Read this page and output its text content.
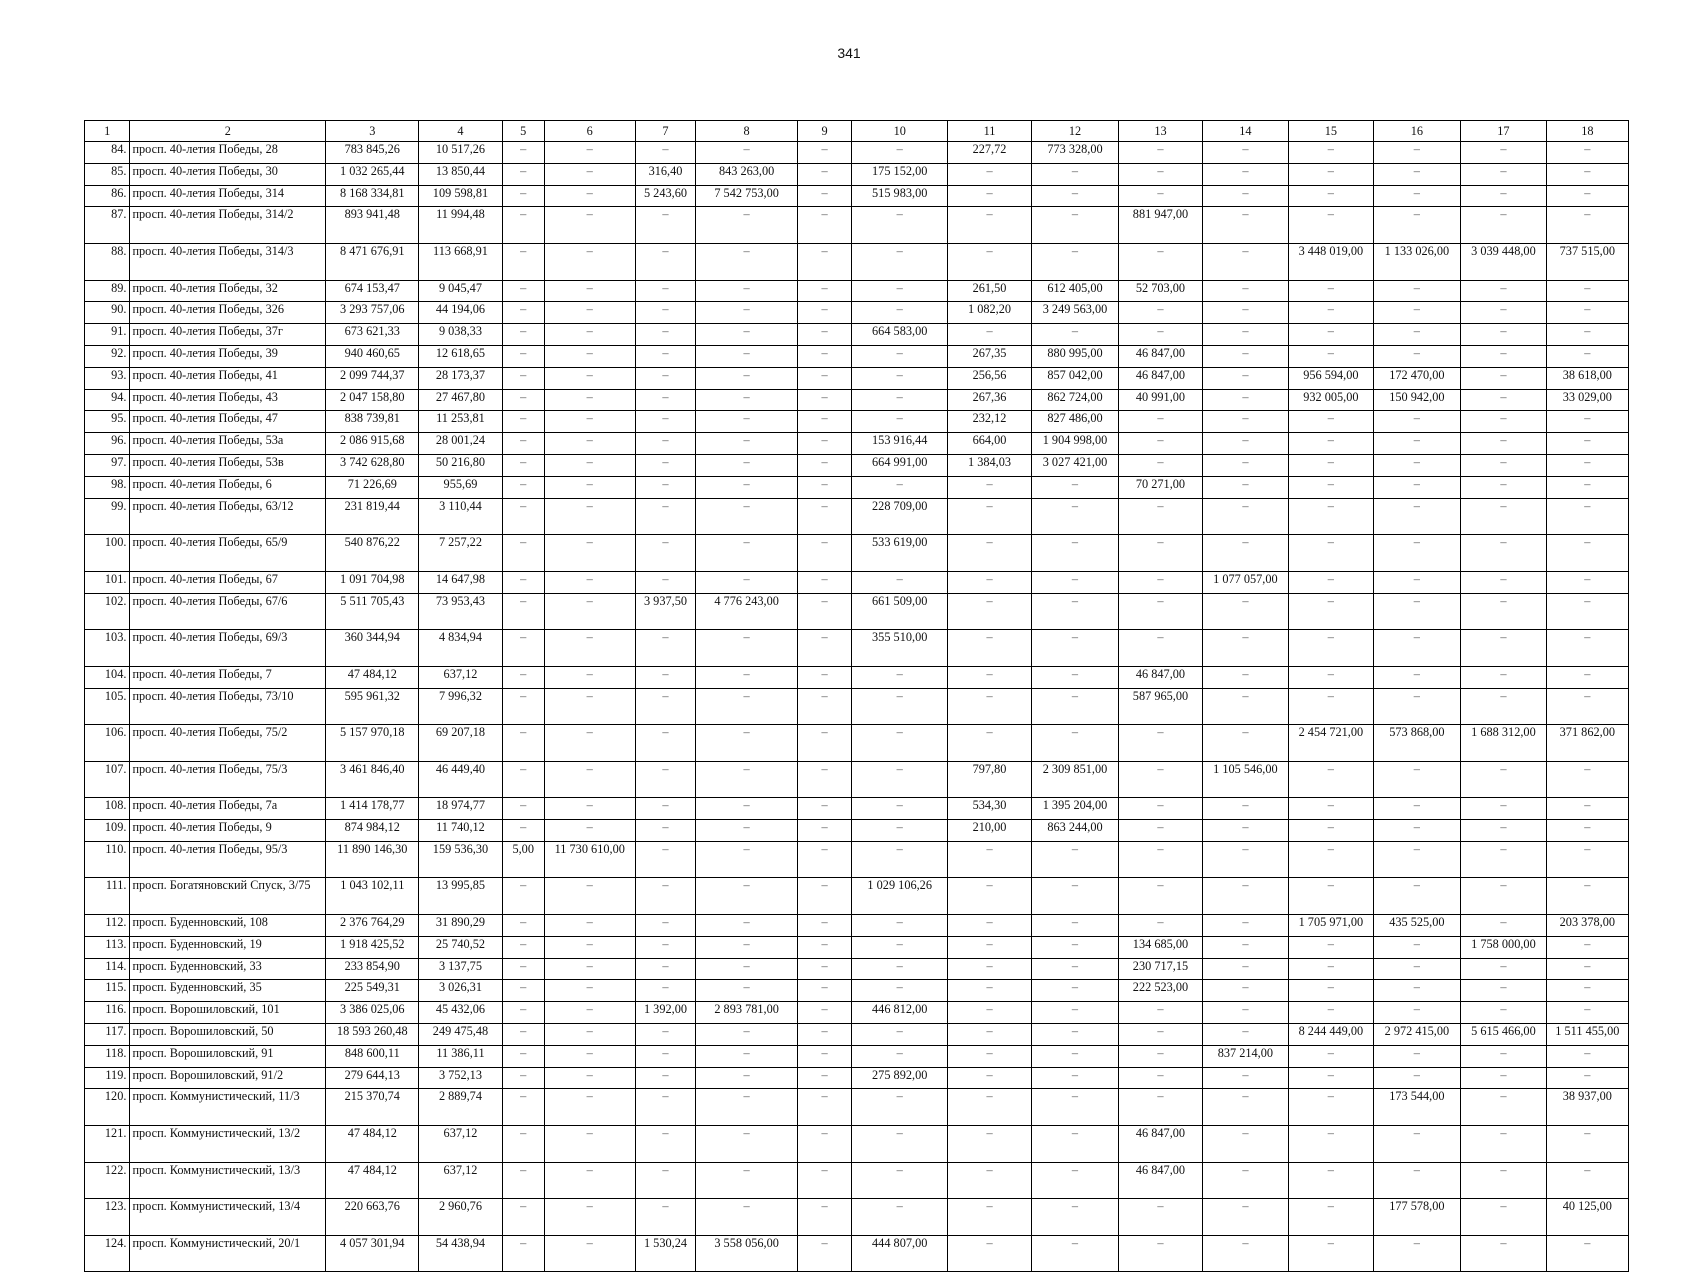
341
1	2	3	4	5	6	7	8	9	10	11	12	13	14	15	16	17	18
84.	просп. 40-летия Победы, 28	783 845,26	10 517,26	–	–	–	–	–	–	227,72	773 328,00	–	–	–	–	–	–
85.	просп. 40-летия Победы, 30	1 032 265,44	13 850,44	–	–	316,40	843 263,00	–	175 152,00	–	–	–	–	–	–	–	–
86.	просп. 40-летия Победы, 314	8 168 334,81	109 598,81	–	–	5 243,60	7 542 753,00	–	515 983,00	–	–	–	–	–	–	–	–
87.	просп. 40-летия Победы, 314/2	893 941,48	11 994,48	–	–	–	–	–	–	–	–	881 947,00	–	–	–	–	–
88.	просп. 40-летия Победы, 314/3	8 471 676,91	113 668,91	–	–	–	–	–	–	–	–	–	–	3 448 019,00	1 133 026,00	3 039 448,00	737 515,00
89.	просп. 40-летия Победы, 32	674 153,47	9 045,47	–	–	–	–	–	–	261,50	612 405,00	52 703,00	–	–	–	–	–
90.	просп. 40-летия Победы, 326	3 293 757,06	44 194,06	–	–	–	–	–	–	1 082,20	3 249 563,00	–	–	–	–	–	–
91.	просп. 40-летия Победы, 37г	673 621,33	9 038,33	–	–	–	–	–	664 583,00	–	–	–	–	–	–	–	–
92.	просп. 40-летия Победы, 39	940 460,65	12 618,65	–	–	–	–	–	–	267,35	880 995,00	46 847,00	–	–	–	–	–
93.	просп. 40-летия Победы, 41	2 099 744,37	28 173,37	–	–	–	–	–	–	256,56	857 042,00	46 847,00	–	956 594,00	172 470,00	–	38 618,00
94.	просп. 40-летия Победы, 43	2 047 158,80	27 467,80	–	–	–	–	–	–	267,36	862 724,00	40 991,00	–	932 005,00	150 942,00	–	33 029,00
95.	просп. 40-летия Победы, 47	838 739,81	11 253,81	–	–	–	–	–	–	232,12	827 486,00	–	–	–	–	–	–
96.	просп. 40-летия Победы, 53а	2 086 915,68	28 001,24	–	–	–	–	–	153 916,44	664,00	1 904 998,00	–	–	–	–	–	–
97.	просп. 40-летия Победы, 53в	3 742 628,80	50 216,80	–	–	–	–	–	664 991,00	1 384,03	3 027 421,00	–	–	–	–	–	–
98.	просп. 40-летия Победы, 6	71 226,69	955,69	–	–	–	–	–	–	–	–	70 271,00	–	–	–	–	–
99.	просп. 40-летия Победы, 63/12	231 819,44	3 110,44	–	–	–	–	–	228 709,00	–	–	–	–	–	–	–	–
100.	просп. 40-летия Победы, 65/9	540 876,22	7 257,22	–	–	–	–	–	533 619,00	–	–	–	–	–	–	–	–
101.	просп. 40-летия Победы, 67	1 091 704,98	14 647,98	–	–	–	–	–	–	–	–	–	1 077 057,00	–	–	–	–
102.	просп. 40-летия Победы, 67/6	5 511 705,43	73 953,43	–	–	3 937,50	4 776 243,00	–	661 509,00	–	–	–	–	–	–	–	–
103.	просп. 40-летия Победы, 69/3	360 344,94	4 834,94	–	–	–	–	–	355 510,00	–	–	–	–	–	–	–	–
104.	просп. 40-летия Победы, 7	47 484,12	637,12	–	–	–	–	–	–	–	–	46 847,00	–	–	–	–	–
105.	просп. 40-летия Победы, 73/10	595 961,32	7 996,32	–	–	–	–	–	–	–	–	587 965,00	–	–	–	–	–
106.	просп. 40-летия Победы, 75/2	5 157 970,18	69 207,18	–	–	–	–	–	–	–	–	–	–	2 454 721,00	573 868,00	1 688 312,00	371 862,00
107.	просп. 40-летия Победы, 75/3	3 461 846,40	46 449,40	–	–	–	–	–	–	797,80	2 309 851,00	–	1 105 546,00	–	–	–	–
108.	просп. 40-летия Победы, 7а	1 414 178,77	18 974,77	–	–	–	–	–	–	534,30	1 395 204,00	–	–	–	–	–	–
109.	просп. 40-летия Победы, 9	874 984,12	11 740,12	–	–	–	–	–	–	210,00	863 244,00	–	–	–	–	–	–
110.	просп. 40-летия Победы, 95/3	11 890 146,30	159 536,30	5,00	11 730 610,00	–	–	–	–	–	–	–	–	–	–	–	–
111.	просп. Богатяновский Спуск, 3/75	1 043 102,11	13 995,85	–	–	–	–	–	1 029 106,26	–	–	–	–	–	–	–	–
112.	просп. Буденновский, 108	2 376 764,29	31 890,29	–	–	–	–	–	–	–	–	–	–	1 705 971,00	435 525,00	–	203 378,00
113.	просп. Буденновский, 19	1 918 425,52	25 740,52	–	–	–	–	–	–	–	–	134 685,00	–	–	–	1 758 000,00	–
114.	просп. Буденновский, 33	233 854,90	3 137,75	–	–	–	–	–	–	–	–	230 717,15	–	–	–	–	–
115.	просп. Буденновский, 35	225 549,31	3 026,31	–	–	–	–	–	–	–	–	222 523,00	–	–	–	–	–
116.	просп. Ворошиловский, 101	3 386 025,06	45 432,06	–	–	1 392,00	2 893 781,00	–	446 812,00	–	–	–	–	–	–	–	–
117.	просп. Ворошиловский, 50	18 593 260,48	249 475,48	–	–	–	–	–	–	–	–	–	–	8 244 449,00	2 972 415,00	5 615 466,00	1 511 455,00
118.	просп. Ворошиловский, 91	848 600,11	11 386,11	–	–	–	–	–	–	–	–	–	837 214,00	–	–	–	–
119.	просп. Ворошиловский, 91/2	279 644,13	3 752,13	–	–	–	–	–	275 892,00	–	–	–	–	–	–	–	–
120.	просп. Коммунистический, 11/3	215 370,74	2 889,74	–	–	–	–	–	–	–	–	–	–	–	173 544,00	–	38 937,00
121.	просп. Коммунистический, 13/2	47 484,12	637,12	–	–	–	–	–	–	–	–	46 847,00	–	–	–	–	–
122.	просп. Коммунистический, 13/3	47 484,12	637,12	–	–	–	–	–	–	–	–	46 847,00	–	–	–	–	–
123.	просп. Коммунистический, 13/4	220 663,76	2 960,76	–	–	–	–	–	–	–	–	–	–	–	177 578,00	–	40 125,00
124.	просп. Коммунистический, 20/1	4 057 301,94	54 438,94	–	–	1 530,24	3 558 056,00	–	444 807,00	–	–	–	–	–	–	–	–
